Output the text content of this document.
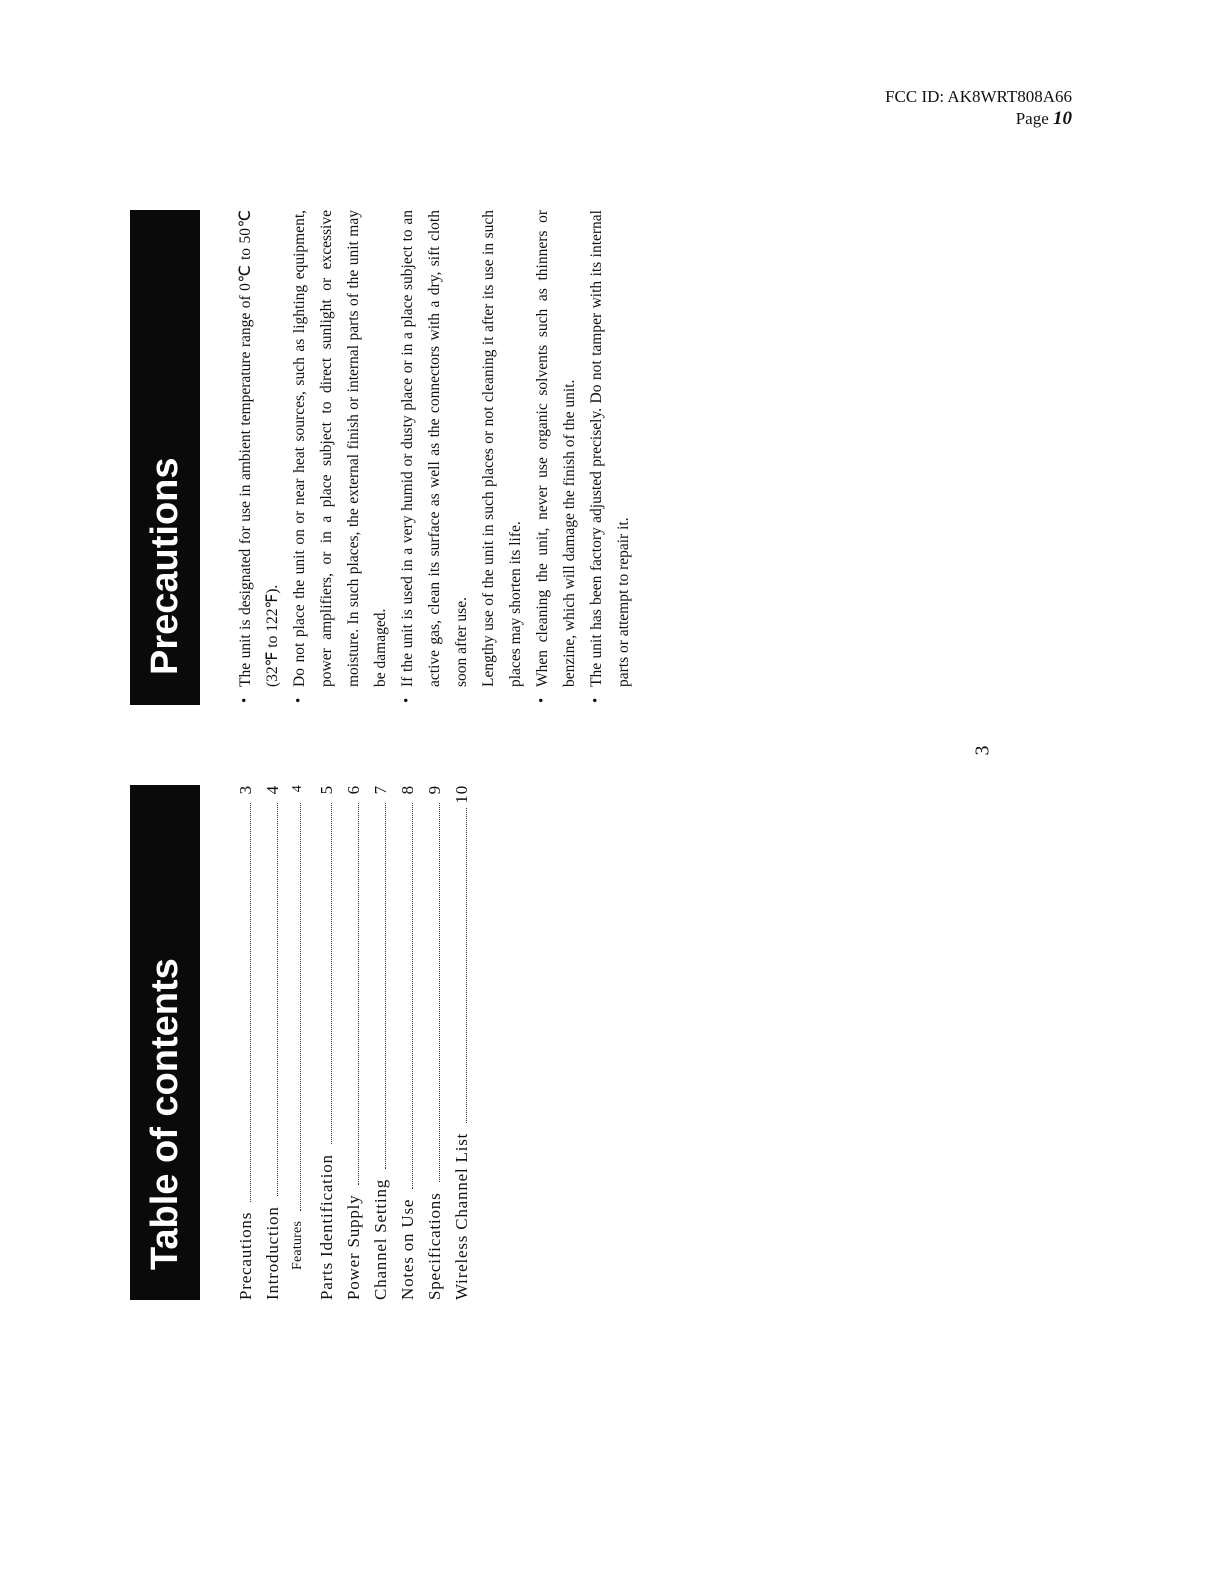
FCC ID: AK8WRT808A66
Page 10
Table of contents	Precautions
3
Introduction
4
Features
4
Parts Identification
5
Power Supply
6
Channel Setting
7
Notes on Use
8
Specifications
9
Wireless Channel List
10
Precautions
•
The unit is designated for use in ambient temperature range of 0℃ to 50℃ (32℉ to 122℉).
•
Do not place the unit on or near heat sources, such as lighting equipment, power amplifiers, or in a place subject to direct sunlight or excessive moisture. In such places, the external finish or internal parts of the unit may be damaged.
•
If the unit is used in a very humid or dusty place or in a place subject to an active gas, clean its surface as well as the connectors with a dry, sift cloth soon after use.
Lengthy use of the unit in such places or not cleaning it after its use in such places may shorten its life.
•
When cleaning the unit, never use organic solvents such as thinners or benzine, which will damage the finish of the unit.
•
The unit has been factory adjusted precisely. Do not tamper with its internal parts or attempt to repair it.
3
